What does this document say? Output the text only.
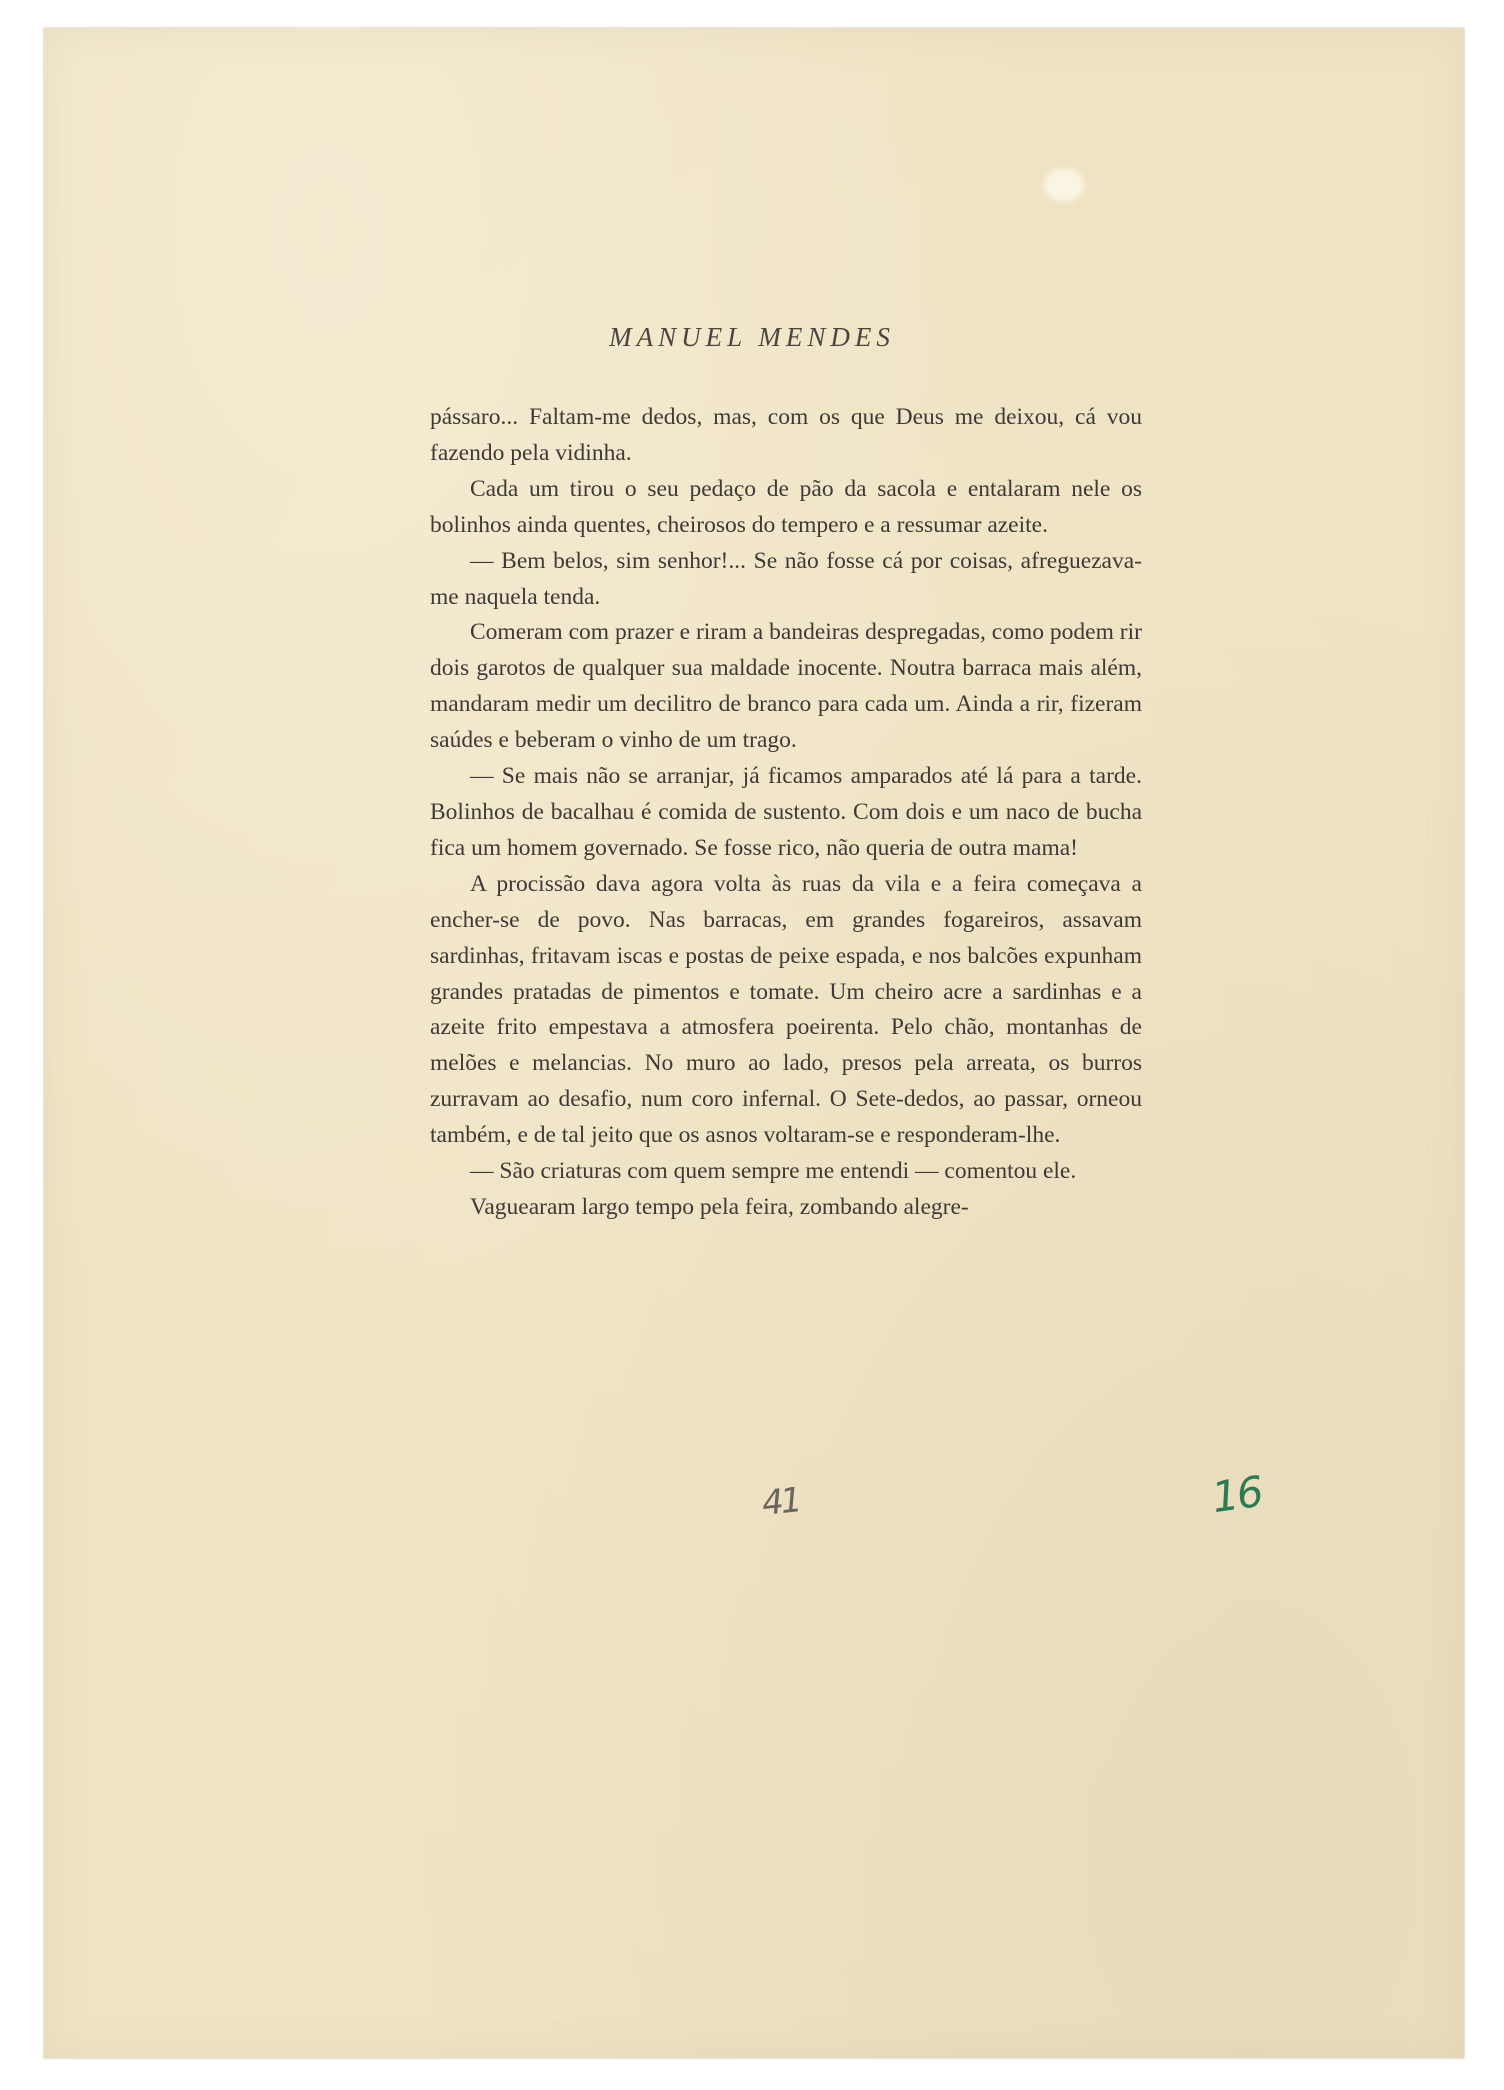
MANUEL MENDES

pássaro... Faltam-me dedos, mas, com os que Deus me deixou, cá vou fazendo pela vidinha.

Cada um tirou o seu pedaço de pão da sacola e entalaram nele os bolinhos ainda quentes, cheirosos do tempero e a ressumar azeite.

— Bem belos, sim senhor!... Se não fosse cá por coisas, afreguezava-me naquela tenda.

Comeram com prazer e riram a bandeiras despregadas, como podem rir dois garotos de qualquer sua maldade inocente. Noutra barraca mais além, mandaram medir um decilitro de branco para cada um. Ainda a rir, fizeram saúdes e beberam o vinho de um trago.

— Se mais não se arranjar, já ficamos amparados até lá para a tarde. Bolinhos de bacalhau é comida de sustento. Com dois e um naco de bucha fica um homem governado. Se fosse rico, não queria de outra mama!

A procissão dava agora volta às ruas da vila e a feira começava a encher-se de povo. Nas barracas, em grandes fogareiros, assavam sardinhas, fritavam iscas e postas de peixe espada, e nos balcões expunham grandes pratadas de pimentos e tomate. Um cheiro acre a sardinhas e a azeite frito empestava a atmosfera poeirenta. Pelo chão, montanhas de melões e melancias. No muro ao lado, presos pela arreata, os burros zurravam ao desafio, num coro infernal. O Sete-dedos, ao passar, orneou também, e de tal jeito que os asnos voltaram-se e responderam-lhe.

— São criaturas com quem sempre me entendi — comentou ele.

Vaguearam largo tempo pela feira, zombando alegre-

41	16
